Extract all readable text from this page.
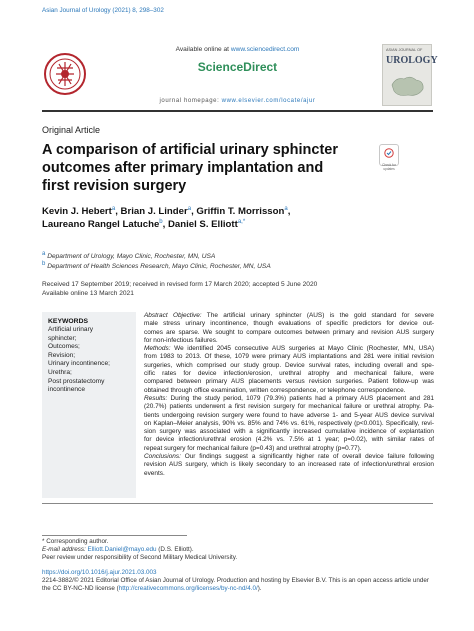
Asian Journal of Urology (2021) 8, 298–302
Available online at www.sciencedirect.com
ScienceDirect
journal homepage: www.elsevier.com/locate/ajur
ASIAN JOURNAL OF
UROLOGY
Original Article
A comparison of artificial urinary sphincter
outcomes after primary implantation and
first revision surgery
Check for
updates
Kevin J. Hebert$^a$, Brian J. Linder$^a$, Griffin T. Morrisson$^a$,
Laureano Rangel Latuche$^b$, Daniel S. Elliott$^{a,*}$
$^a$ Department of Urology, Mayo Clinic, Rochester, MN, USA
$^b$ Department of Health Sciences Research, Mayo Clinic, Rochester, MN, USA
Received 17 September 2019; received in revised form 17 March 2020; accepted 5 June 2020
Available online 13 March 2021
KEYWORDS
Artificial urinary
sphincter;
Outcomes;
Revision;
Urinary incontinence;
Urethra;
Post prostatectomy
incontinence
Abstract Objective: The artificial urinary sphincter (AUS) is the gold standard for severe
male stress urinary incontinence, though evaluations of specific predictors for device out-
comes are sparse. We sought to compare outcomes between primary and revision AUS surgery
for non-infectious failures.
Methods: We identified 2045 consecutive AUS surgeries at Mayo Clinic (Rochester, MN, USA)
from 1983 to 2013. Of these, 1079 were primary AUS implantations and 281 were initial revision
surgeries, which comprised our study group. Device survival rates, including overall and spe-
cific rates for device infection/erosion, urethral atrophy and mechanical failure, were
compared between primary AUS placements versus revision surgeries. Patient follow-up was
obtained through office examination, written correspondence, or telephone correspondence.
Results: During the study period, 1079 (79.3%) patients had a primary AUS placement and 281
(20.7%) patients underwent a first revision surgery for mechanical failure or urethral atrophy. Pa-
tients undergoing revision surgery were found to have adverse 1- and 5-year AUS device survival
on Kaplan–Meier analysis, 90% vs. 85% and 74% vs. 61%, respectively (p<0.001). Specifically, revi-
sion surgery was associated with a significantly increased cumulative incidence of explantation
for device infection/urethral erosion (4.2% vs. 7.5% at 1 year; p=0.02), with similar rates of
repeat surgery for mechanical failure (p=0.43) and urethral atrophy (p=0.77).
Conclusions: Our findings suggest a significantly higher rate of overall device failure following
revision AUS surgery, which is likely secondary to an increased rate of infection/urethral erosion
events.
* Corresponding author.
E-mail address: Elliott.Daniel@mayo.edu (D.S. Elliott).
Peer review under responsibility of Second Military Medical University.
https://doi.org/10.1016/j.ajur.2021.03.003
2214-3882/© 2021 Editorial Office of Asian Journal of Urology. Production and hosting by Elsevier B.V. This is an open access article under the CC BY-NC-ND license (http://creativecommons.org/licenses/by-nc-nd/4.0/).
